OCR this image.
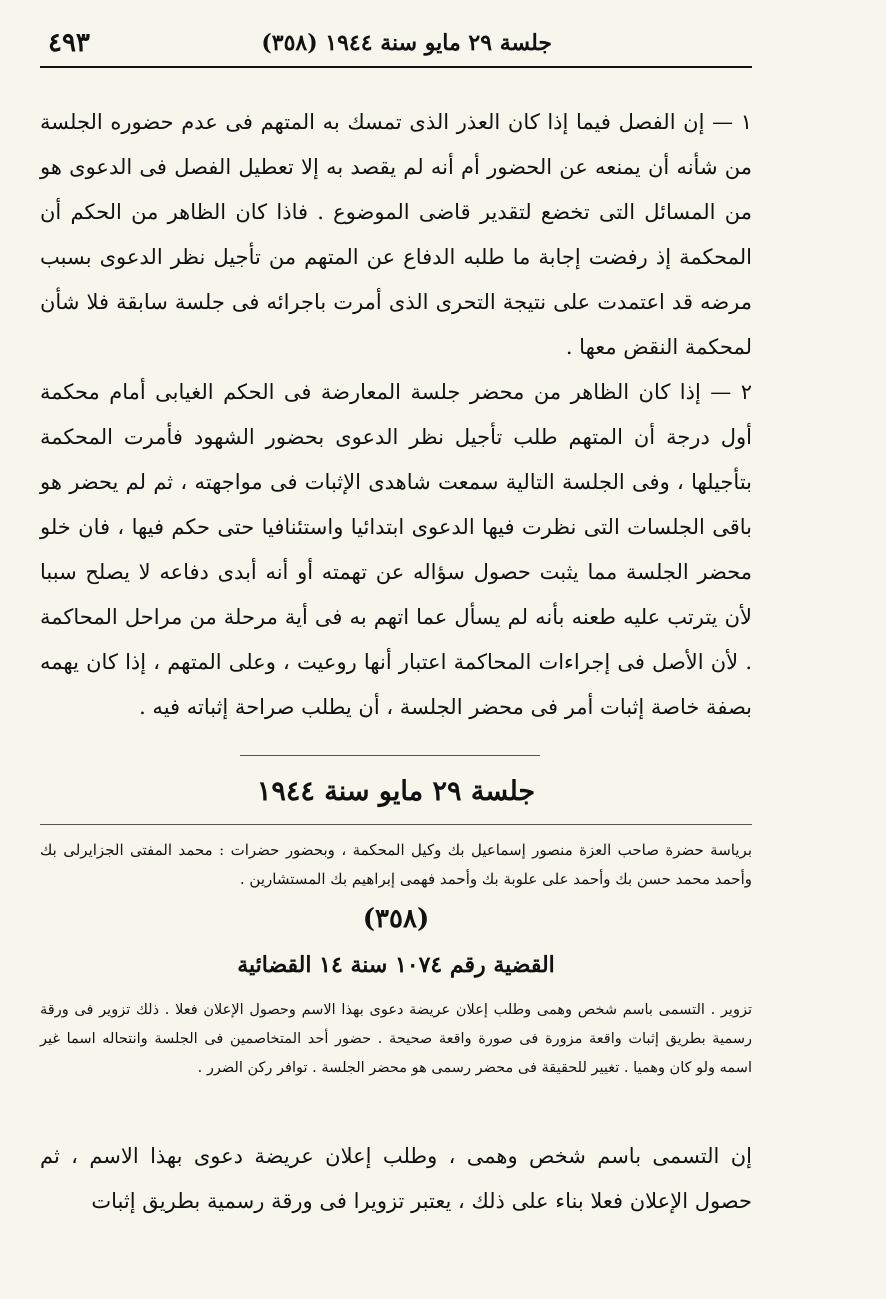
٤٩٣	جلسة ٢٩ مايو سنة ١٩٤٤ (٣٥٨)

١ — إن الفصل فيما إذا كان العذر الذى تمسك به المتهم فى عدم حضوره الجلسة من شأنه أن يمنعه عن الحضور أم أنه لم يقصد به إلا تعطيل الفصل فى الدعوى هو من المسائل التى تخضع لتقدير قاضى الموضوع . فاذا كان الظاهر من الحكم أن المحكمة إذ رفضت إجابة ما طلبه الدفاع عن المتهم من تأجيل نظر الدعوى بسبب مرضه قد اعتمدت على نتيجة التحرى الذى أمرت باجرائه فى جلسة سابقة فلا شأن لمحكمة النقض معها .

٢ — إذا كان الظاهر من محضر جلسة المعارضة فى الحكم الغيابى أمام محكمة أول درجة أن المتهم طلب تأجيل نظر الدعوى بحضور الشهود فأمرت المحكمة بتأجيلها ، وفى الجلسة التالية سمعت شاهدى الإثبات فى مواجهته ، ثم لم يحضر هو باقى الجلسات التى نظرت فيها الدعوى ابتدائيا واستئنافيا حتى حكم فيها ، فان خلو محضر الجلسة مما يثبت حصول سؤاله عن تهمته أو أنه أبدى دفاعه لا يصلح سببا لأن يترتب عليه طعنه بأنه لم يسأل عما اتهم به فى أية مرحلة من مراحل المحاكمة . لأن الأصل فى إجراءات المحاكمة اعتبار أنها روعيت ، وعلى المتهم ، إذا كان يهمه بصفة خاصة إثبات أمر فى محضر الجلسة ، أن يطلب صراحة إثباته فيه .

جلسة ٢٩ مايو سنة ١٩٤٤

برياسة حضرة صاحب العزة منصور إسماعيل بك وكيل المحكمة ، وبحضور حضرات : محمد المفتى الجزايرلى بك وأحمد محمد حسن بك وأحمد على علوبة بك وأحمد فهمى إبراهيم بك المستشارين .

(٣٥٨)
القضية رقم ١٠٧٤ سنة ١٤ القضائية

تزوير . التسمى باسم شخص وهمى وطلب إعلان عريضة دعوى بهذا الاسم وحصول الإعلان فعلا . ذلك تزوير فى ورقة رسمية بطريق إثبات واقعة مزورة فى صورة واقعة صحيحة . حضور أحد المتخاصمين فى الجلسة وانتحاله اسما غير اسمه ولو كان وهميا . تغيير للحقيقة فى محضر رسمى هو محضر الجلسة . توافر ركن الضرر .

إن التسمى باسم شخص وهمى ، وطلب إعلان عريضة دعوى بهذا الاسم ، ثم حصول الإعلان فعلا بناء على ذلك ، يعتبر تزويرا فى ورقة رسمية بطريق إثبات
